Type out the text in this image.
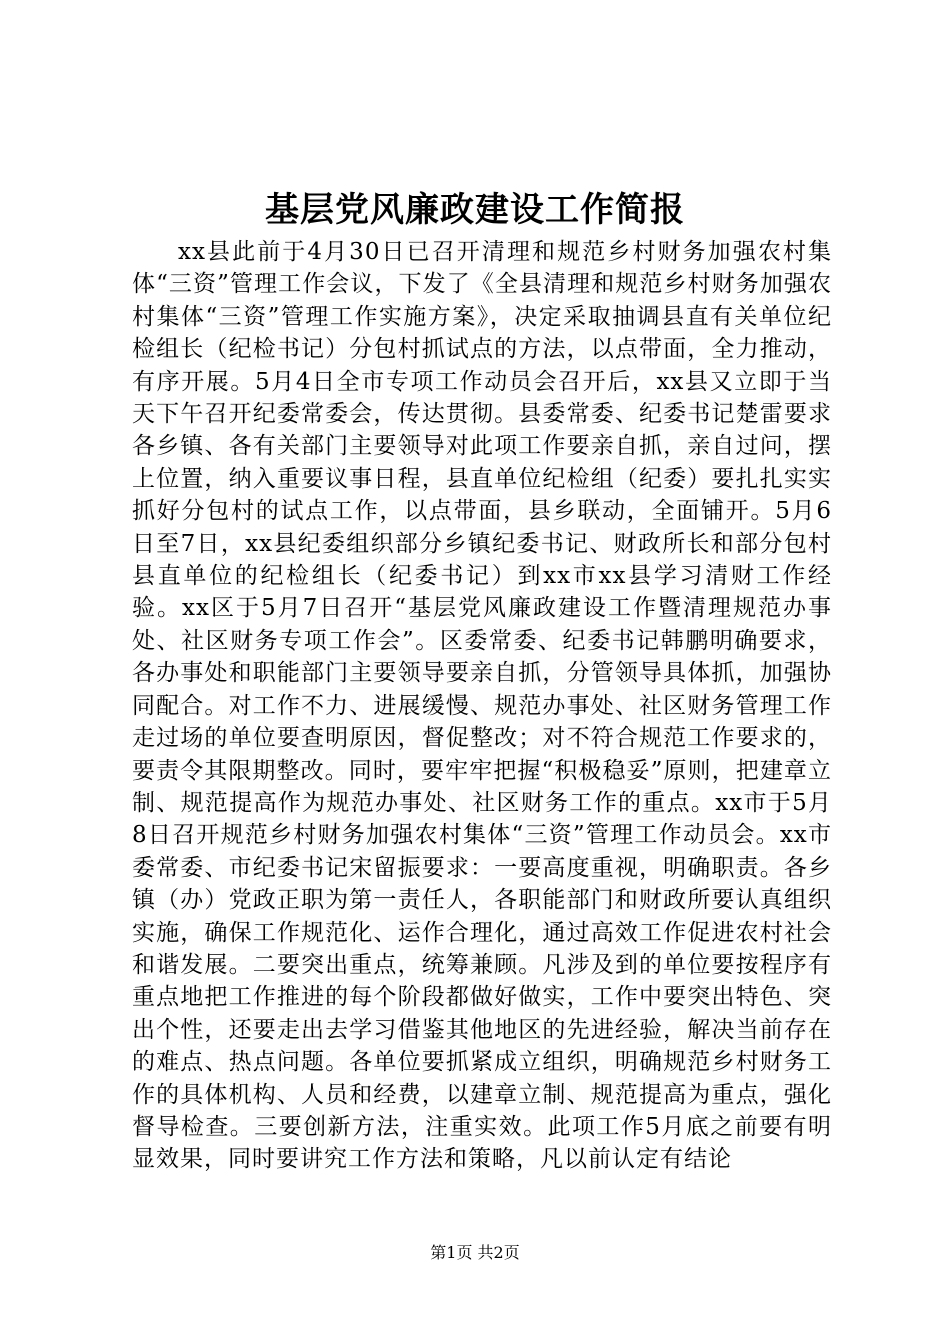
基层党风廉政建设工作简报

xx县此前于4月30日已召开清理和规范乡村财务加强农村集体“三资”管理工作会议，下发了《全县清理和规范乡村财务加强农村集体“三资”管理工作实施方案》，决定采取抽调县直有关单位纪检组长（纪检书记）分包村抓试点的方法，以点带面，全力推动，有序开展。5月4日全市专项工作动员会召开后，xx县又立即于当天下午召开纪委常委会，传达贯彻。县委常委、纪委书记楚雷要求各乡镇、各有关部门主要领导对此项工作要亲自抓，亲自过问，摆上位置，纳入重要议事日程，县直单位纪检组（纪委）要扎扎实实抓好分包村的试点工作，以点带面，县乡联动，全面铺开。5月6日至7日，xx县纪委组织部分乡镇纪委书记、财政所长和部分包村县直单位的纪检组长（纪委书记）到xx市xx县学习清财工作经验。xx区于5月7日召开“基层党风廉政建设工作暨清理规范办事处、社区财务专项工作会”。区委常委、纪委书记韩鹏明确要求，各办事处和职能部门主要领导要亲自抓，分管领导具体抓，加强协同配合。对工作不力、进展缓慢、规范办事处、社区财务管理工作走过场的单位要查明原因，督促整改；对不符合规范工作要求的，要责令其限期整改。同时，要牢牢把握“积极稳妥”原则，把建章立制、规范提高作为规范办事处、社区财务工作的重点。xx市于5月8日召开规范乡村财务加强农村集体“三资”管理工作动员会。xx市委常委、市纪委书记宋留振要求：一要高度重视，明确职责。各乡镇（办）党政正职为第一责任人，各职能部门和财政所要认真组织实施，确保工作规范化、运作合理化，通过高效工作促进农村社会和谐发展。二要突出重点，统筹兼顾。凡涉及到的单位要按程序有重点地把工作推进的每个阶段都做好做实，工作中要突出特色、突出个性，还要走出去学习借鉴其他地区的先进经验，解决当前存在的难点、热点问题。各单位要抓紧成立组织，明确规范乡村财务工作的具体机构、人员和经费，以建章立制、规范提高为重点，强化督导检查。三要创新方法，注重实效。此项工作5月底之前要有明显效果，同时要讲究工作方法和策略，凡以前认定有结论

第1页 共2页
